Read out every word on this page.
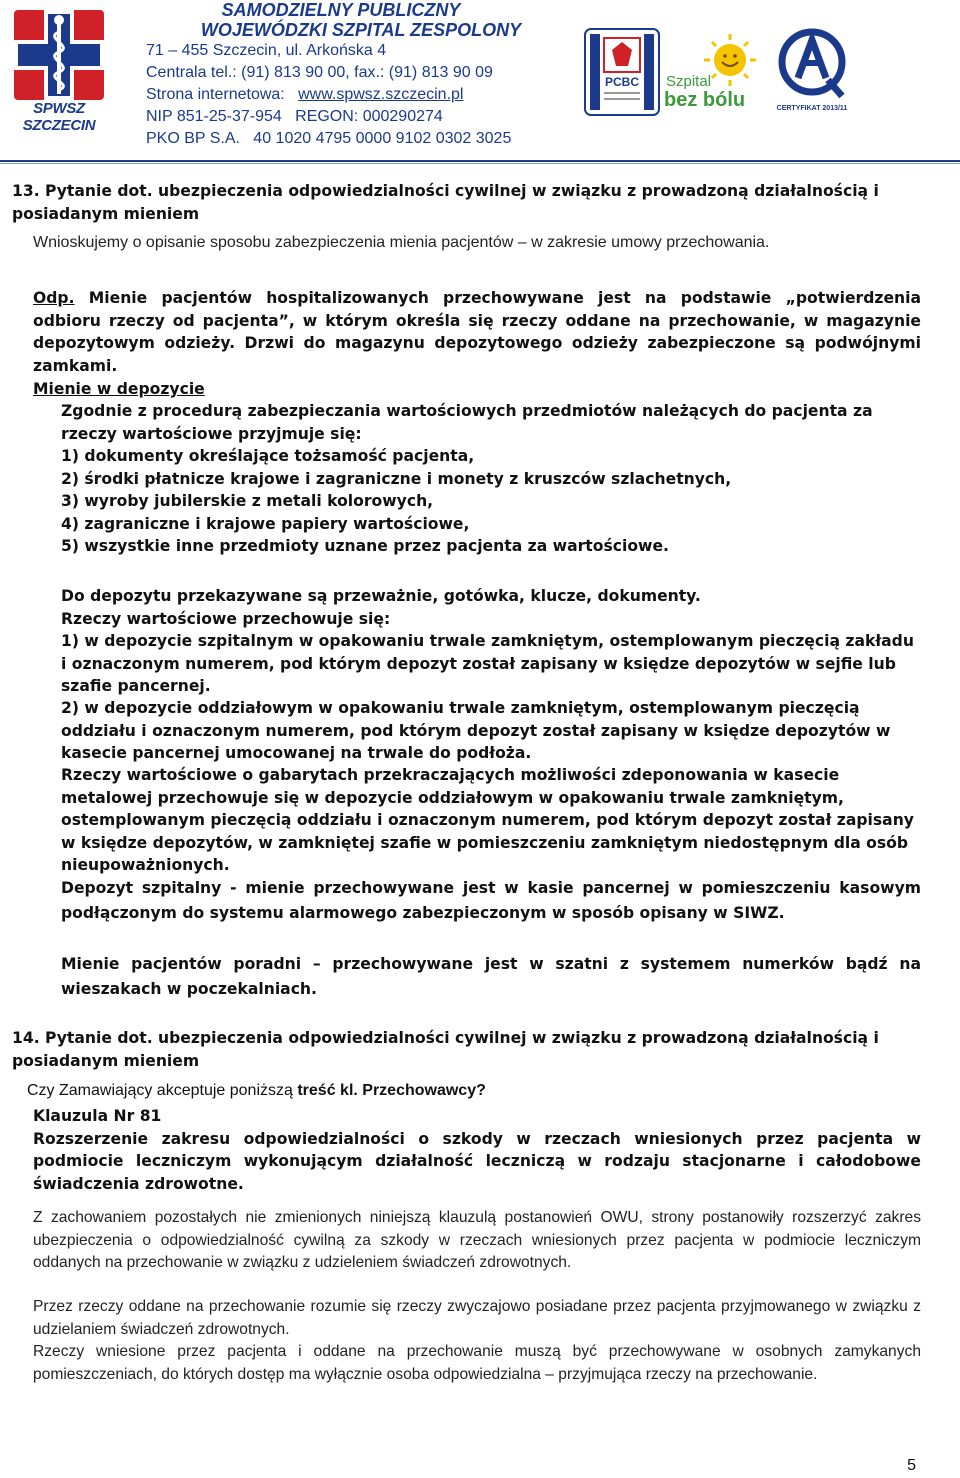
SPWSZ SZCZECIN
SAMODZIELNY PUBLICZNY
WOJEWÓDZKI SZPITAL ZESPOLONY
71 – 455 Szczecin, ul. Arkońska 4
Centrala tel.: (91) 813 90 00, fax.: (91) 813 90 09
Strona internetowa:   www.spwsz.szczecin.pl
NIP 851-25-37-954   REGON: 000290274
PKO BP S.A.   40 1020 4795 0000 9102 0302 3025
PCBC Szpital
bez bólu	CERTYFIKAT 2013/11
13. Pytanie dot. ubezpieczenia odpowiedzialności cywilnej w związku z prowadzoną działalnością i posiadanym mieniem
Wnioskujemy o opisanie sposobu zabezpieczenia mienia pacjentów – w zakresie umowy przechowania.
Odp. Mienie pacjentów hospitalizowanych przechowywane jest na podstawie „potwierdzenia odbioru rzeczy od pacjenta”, w którym określa się rzeczy oddane na przechowanie, w magazynie depozytowym odzieży. Drzwi do magazynu depozytowego odzieży zabezpieczone są podwójnymi zamkami.
Mienie w depozycie
Zgodnie z procedurą zabezpieczania wartościowych przedmiotów należących do pacjenta za rzeczy wartościowe przyjmuje się:

1) dokumenty określające tożsamość pacjenta,

2) środki płatnicze krajowe i zagraniczne i monety z kruszców szlachetnych,

3) wyroby jubilerskie z metali kolorowych,

4) zagraniczne i krajowe papiery wartościowe,

5) wszystkie inne przedmioty uznane przez pacjenta za wartościowe.

Do depozytu przekazywane są przeważnie, gotówka, klucze, dokumenty.
Rzeczy wartościowe przechowuje się:
1) w depozycie szpitalnym w opakowaniu trwale zamkniętym, ostemplowanym pieczęcią zakładu i oznaczonym numerem, pod którym depozyt został zapisany w księdze depozytów w sejfie lub szafie pancernej.
2) w depozycie oddziałowym w opakowaniu trwale zamkniętym, ostemplowanym pieczęcią oddziału i oznaczonym numerem, pod którym depozyt został zapisany w księdze depozytów w kasecie pancernej umocowanej na trwale do podłoża.
Rzeczy wartościowe o gabarytach przekraczających możliwości zdeponowania w kasecie metalowej przechowuje się w depozycie oddziałowym w opakowaniu trwale zamkniętym, ostemplowanym pieczęcią oddziału i oznaczonym numerem, pod którym depozyt został zapisany w księdze depozytów, w zamkniętej szafie w pomieszczeniu zamkniętym niedostępnym dla osób nieupoważnionych.
Depozyt szpitalny - mienie przechowywane jest w kasie pancernej w pomieszczeniu kasowym podłączonym do systemu alarmowego zabezpieczonym w sposób opisany w SIWZ.
Mienie pacjentów poradni – przechowywane jest w szatni z systemem numerków bądź na wieszakach w poczekalniach.
14. Pytanie dot. ubezpieczenia odpowiedzialności cywilnej w związku z prowadzoną działalnością i posiadanym mieniem
Czy Zamawiający akceptuje poniższą treść kl. Przechowawcy?
Klauzula Nr 81
Rozszerzenie zakresu odpowiedzialności o szkody w rzeczach wniesionych przez pacjenta w podmiocie leczniczym wykonującym działalność leczniczą w rodzaju stacjonarne i całodobowe świadczenia zdrowotne.
Z zachowaniem pozostałych nie zmienionych niniejszą klauzulą postanowień OWU, strony postanowiły rozszerzyć zakres ubezpieczenia o odpowiedzialność cywilną za szkody w rzeczach wniesionych przez pacjenta w podmiocie leczniczym oddanych na przechowanie w związku z udzieleniem świadczeń zdrowotnych.
Przez rzeczy oddane na przechowanie rozumie się rzeczy zwyczajowo posiadane przez pacjenta przyjmowanego w związku z udzielaniem świadczeń zdrowotnych.
Rzeczy wniesione przez pacjenta i oddane na przechowanie muszą być przechowywane w osobnych zamykanych pomieszczeniach, do których dostęp ma wyłącznie osoba odpowiedzialna – przyjmująca rzeczy na przechowanie.
5
